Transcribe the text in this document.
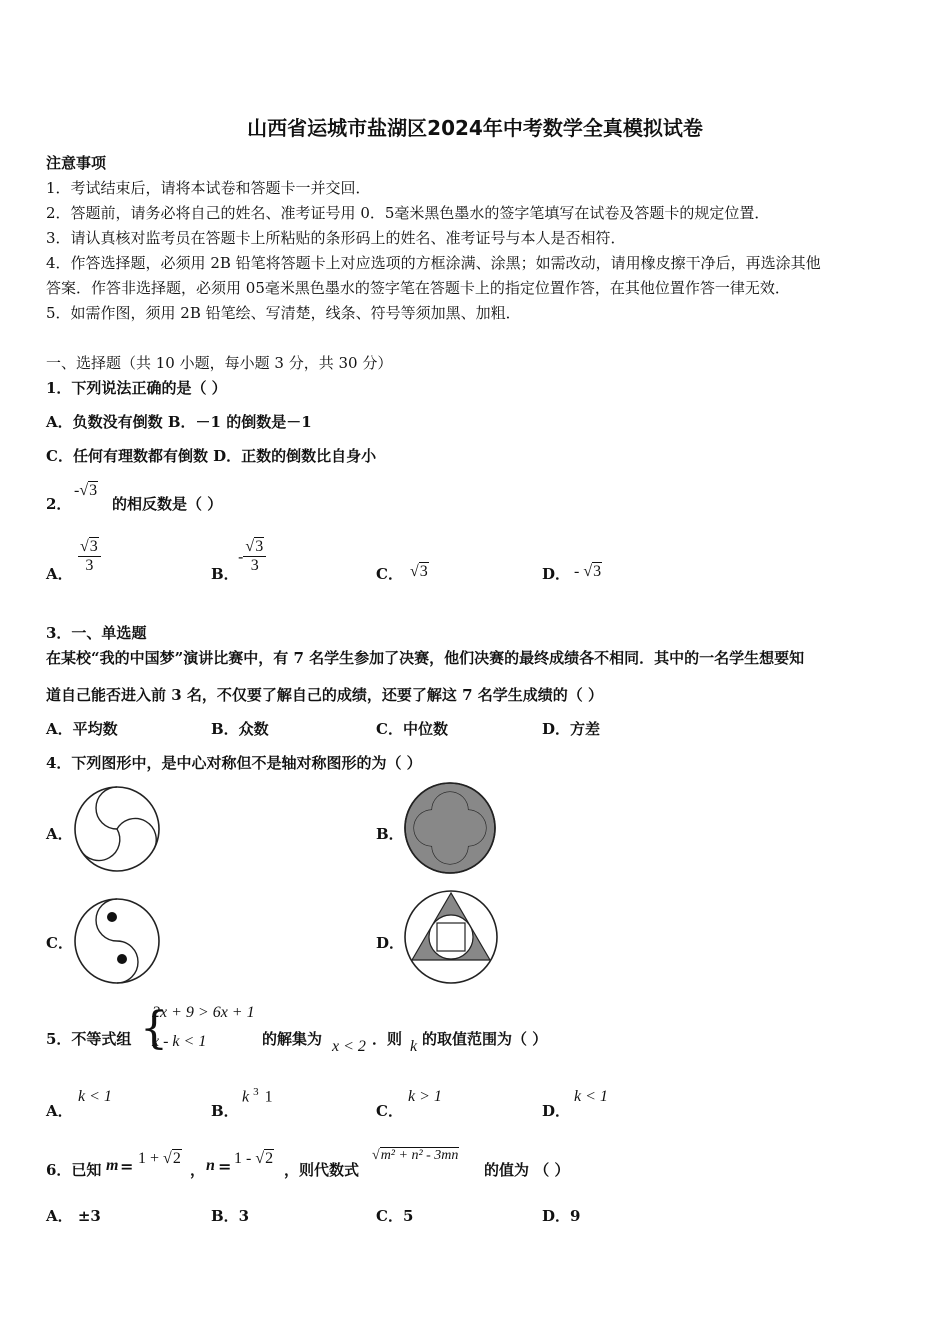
山西省运城市盐湖区2024年中考数学全真模拟试卷
注意事项
1．考试结束后，请将本试卷和答题卡一并交回．
2．答题前，请务必将自己的姓名、准考证号用 0．5毫米黑色墨水的签字笔填写在试卷及答题卡的规定位置．
3．请认真核对监考员在答题卡上所粘贴的条形码上的姓名、准考证号与本人是否相符．
4．作答选择题，必须用 2B 铅笔将答题卡上对应选项的方框涂满、涂黑；如需改动，请用橡皮擦干净后，再选涂其他
答案．作答非选择题，必须用 05毫米黑色墨水的签字笔在答题卡上的指定位置作答，在其他位置作答一律无效．
5．如需作图，须用 2B 铅笔绘、写清楚，线条、符号等须加黑、加粗．
一、选择题（共 10 小题，每小题 3 分，共 30 分）
1．下列说法正确的是（ ）
A．负数没有倒数 B．－1 的倒数是－1
C．任何有理数都有倒数 D．正数的倒数比自身小
2．
-√3
的相反数是（ ）
A． $\frac{√3}{3}$	B．
- $\frac{√3}{3}$	C． √3	D． - √3
3．一、单选题
在某校“我的中国梦”演讲比赛中，有 7 名学生参加了决赛，他们决赛的最终成绩各不相同．其中的一名学生想要知
道自己能否进入前 3 名，不仅要了解自己的成绩，还要了解这 7 名学生成绩的（ ）
A．平均数	B．众数	C．中位数	D．方差
4．下列图形中，是中心对称但不是轴对称图形的为（ ）
A．	B．
C．	D．
5．不等式组 {
2x + 9 > 6x + 1
x - k < 1	的解集为 x < 2 ．则 k 的取值范围为（ ）
A．
k < 1
B．
k $^3$ 1
C．
k > 1
D．
k < 1
6．已知 m = 1 + √2
， n = 1 - √2
，则代数式
√m² + n² - 3mn
的值为 （ ）
A． ±3	B．3	C．5	D．9
